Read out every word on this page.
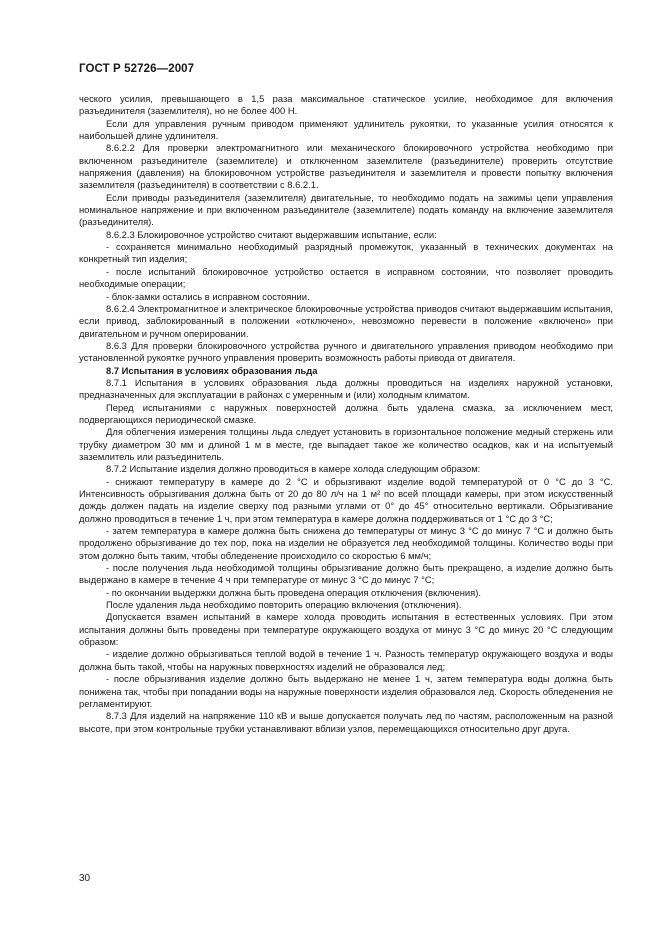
ГОСТ Р 52726—2007

ческого усилия, превышающего в 1,5 раза максимальное статическое усилие, необходимое для включения разъединителя (заземлителя), но не более 400 Н.

Если для управления ручным приводом применяют удлинитель рукоятки, то указанные усилия относятся к наибольшей длине удлинителя.

8.6.2.2 Для проверки электромагнитного или механического блокировочного устройства необходимо при включенном разъединителе (заземлителе) и отключенном заземлителе (разъединителе) проверить отсутствие напряжения (давления) на блокировочном устройстве разъединителя и заземлителя и провести попытку включения заземлителя (разъединителя) в соответствии с 8.6.2.1.

Если приводы разъединителя (заземлителя) двигательные, то необходимо подать на зажимы цепи управления номинальное напряжение и при включенном разъединителе (заземлителе) подать команду на включение заземлителя (разъединителя).

8.6.2.3 Блокировочное устройство считают выдержавшим испытание, если:

- сохраняется минимально необходимый разрядный промежуток, указанный в технических документах на конкретный тип изделия;

- после испытаний блокировочное устройство остается в исправном состоянии, что позволяет проводить необходимые операции;

- блок-замки остались в исправном состоянии.

8.6.2.4 Электромагнитное и электрическое блокировочные устройства приводов считают выдержавшим испытания, если привод, заблокированный в положении «отключено», невозможно перевести в положение «включено» при двигательном и ручном оперировании.

8.6.3 Для проверки блокировочного устройства ручного и двигательного управления приводом необходимо при установленной рукоятке ручного управления проверить возможность работы привода от двигателя.

8.7 Испытания в условиях образования льда

8.7.1 Испытания в условиях образования льда должны проводиться на изделиях наружной установки, предназначенных для эксплуатации в районах с умеренным и (или) холодным климатом.

Перед испытаниями с наружных поверхностей должна быть удалена смазка, за исключением мест, подвергающихся периодической смазке.

Для облегчения измерения толщины льда следует установить в горизонтальное положение медный стержень или трубку диаметром 30 мм и длиной 1 м в месте, где выпадает такое же количество осадков, как и на испытуемый заземлитель или разъединитель.

8.7.2 Испытание изделия должно проводиться в камере холода следующим образом:

- снижают температуру в камере до 2 °С и обрызгивают изделие водой температурой от 0 °С до 3 °С. Интенсивность обрызгивания должна быть от 20 до 80 л/ч на 1 м² по всей площади камеры, при этом искусственный дождь должен падать на изделие сверху под разными углами от 0° до 45° относительно вертикали. Обрызгивание должно проводиться в течение 1 ч, при этом температура в камере должна поддерживаться от 1 °С до 3 °С;

- затем температура в камере должна быть снижена до температуры от минус 3 °С до минус 7 °С и должно быть продолжено обрызгивание до тех пор, пока на изделии не образуется лед необходимой толщины. Количество воды при этом должно быть таким, чтобы обледенение происходило со скоростью 6 мм/ч;

- после получения льда необходимой толщины обрызгивание должно быть прекращено, а изделие должно быть выдержано в камере в течение 4 ч при температуре от минус 3 °С до минус 7 °С;

- по окончании выдержки должна быть проведена операция отключения (включения).

После удаления льда необходимо повторить операцию включения (отключения).

Допускается взамен испытаний в камере холода проводить испытания в естественных условиях. При этом испытания должны быть проведены при температуре окружающего воздуха от минус 3 °С до минус 20 °С следующим образом:

- изделие должно обрызгиваться теплой водой в течение 1 ч. Разность температур окружающего воздуха и воды должна быть такой, чтобы на наружных поверхностях изделий не образовался лед;

- после обрызгивания изделие должно быть выдержано не менее 1 ч, затем температура воды должна быть понижена так, чтобы при попадании воды на наружные поверхности изделия образовался лед. Скорость обледенения не регламентируют.

8.7.3 Для изделий на напряжение 110 кВ и выше допускается получать лед по частям, расположенным на разной высоте, при этом контрольные трубки устанавливают вблизи узлов, перемещающихся относительно друг друга.

30
